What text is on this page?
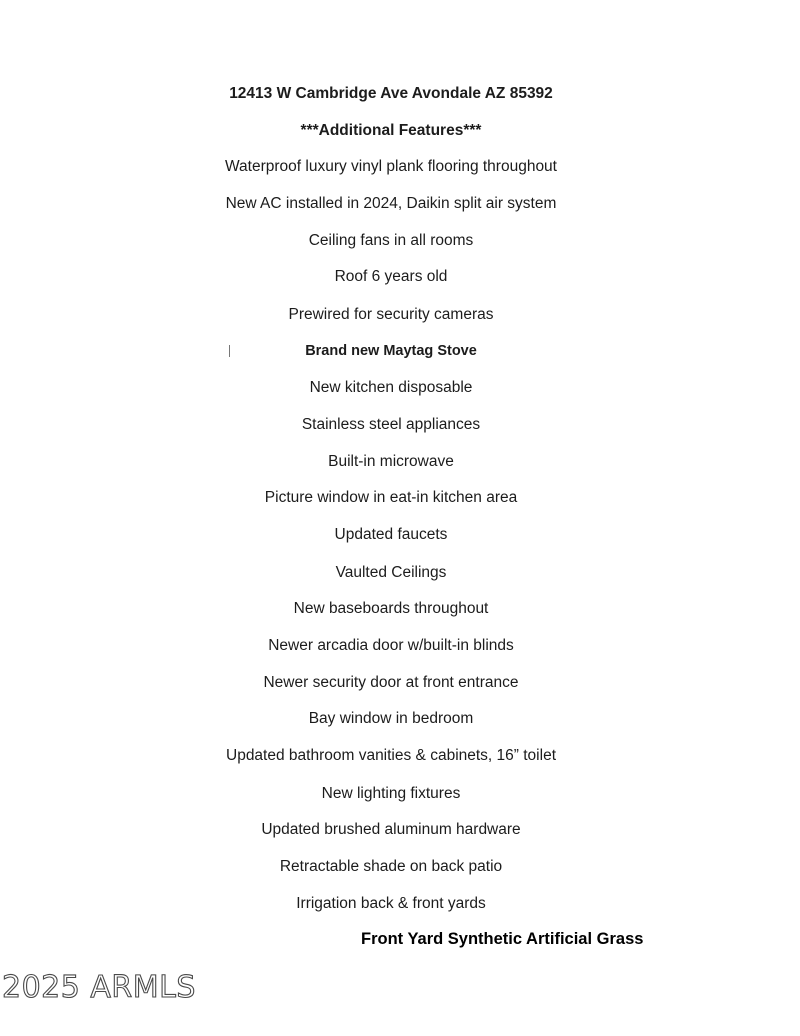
12413 W Cambridge Ave Avondale AZ 85392
***Additional Features***
Waterproof luxury vinyl plank flooring throughout
New AC installed in 2024, Daikin split air system
Ceiling fans in all rooms
Roof 6 years old
Prewired for security cameras
Brand new Maytag Stove
New kitchen disposable
Stainless steel appliances
Built-in microwave
Picture window in eat-in kitchen area
Updated faucets
Vaulted Ceilings
New baseboards throughout
Newer arcadia door w/built-in blinds
Newer security door at front entrance
Bay window in bedroom
Updated bathroom vanities & cabinets, 16” toilet
New lighting fixtures
Updated brushed aluminum hardware
Retractable shade on back patio
Irrigation back & front yards
Front Yard Synthetic Artificial Grass
2025 ARMLS
